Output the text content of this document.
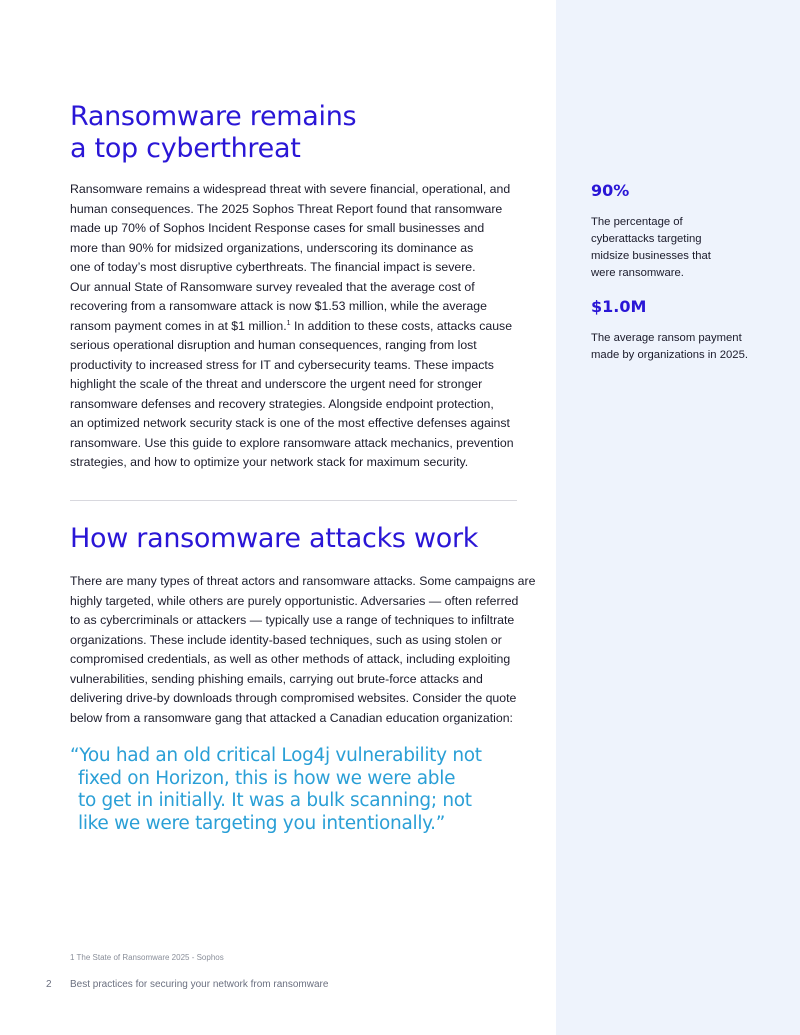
Ransomware remains
a top cyberthreat

Ransomware remains a widespread threat with severe financial, operational, and
human consequences. The 2025 Sophos Threat Report found that ransomware
made up 70% of Sophos Incident Response cases for small businesses and
more than 90% for midsized organizations, underscoring its dominance as
one of today’s most disruptive cyberthreats. The financial impact is severe.
Our annual State of Ransomware survey revealed that the average cost of
recovering from a ransomware attack is now $1.53 million, while the average
ransom payment comes in at $1 million.$^1$ In addition to these costs, attacks cause
serious operational disruption and human consequences, ranging from lost
productivity to increased stress for IT and cybersecurity teams. These impacts
highlight the scale of the threat and underscore the urgent need for stronger
ransomware defenses and recovery strategies. Alongside endpoint protection,
an optimized network security stack is one of the most effective defenses against
ransomware. Use this guide to explore ransomware attack mechanics, prevention
strategies, and how to optimize your network stack for maximum security.

How ransomware attacks work

There are many types of threat actors and ransomware attacks. Some campaigns are
highly targeted, while others are purely opportunistic. Adversaries — often referred
to as cybercriminals or attackers — typically use a range of techniques to infiltrate
organizations. These include identity-based techniques, such as using stolen or
compromised credentials, as well as other methods of attack, including exploiting
vulnerabilities, sending phishing emails, carrying out brute-force attacks and
delivering drive-by downloads through compromised websites. Consider the quote
below from a ransomware gang that attacked a Canadian education organization:

“You had an old critical Log4j vulnerability not
fixed on Horizon, this is how we were able
to get in initially. It was a bulk scanning; not
like we were targeting you intentionally.”
90%

The percentage of
cyberattacks targeting
midsize businesses that
were ransomware.

$1.0M

The average ransom payment
made by organizations in 2025.

1 The State of Ransomware 2025 - Sophos
2 Best practices for securing your network from ransomware
